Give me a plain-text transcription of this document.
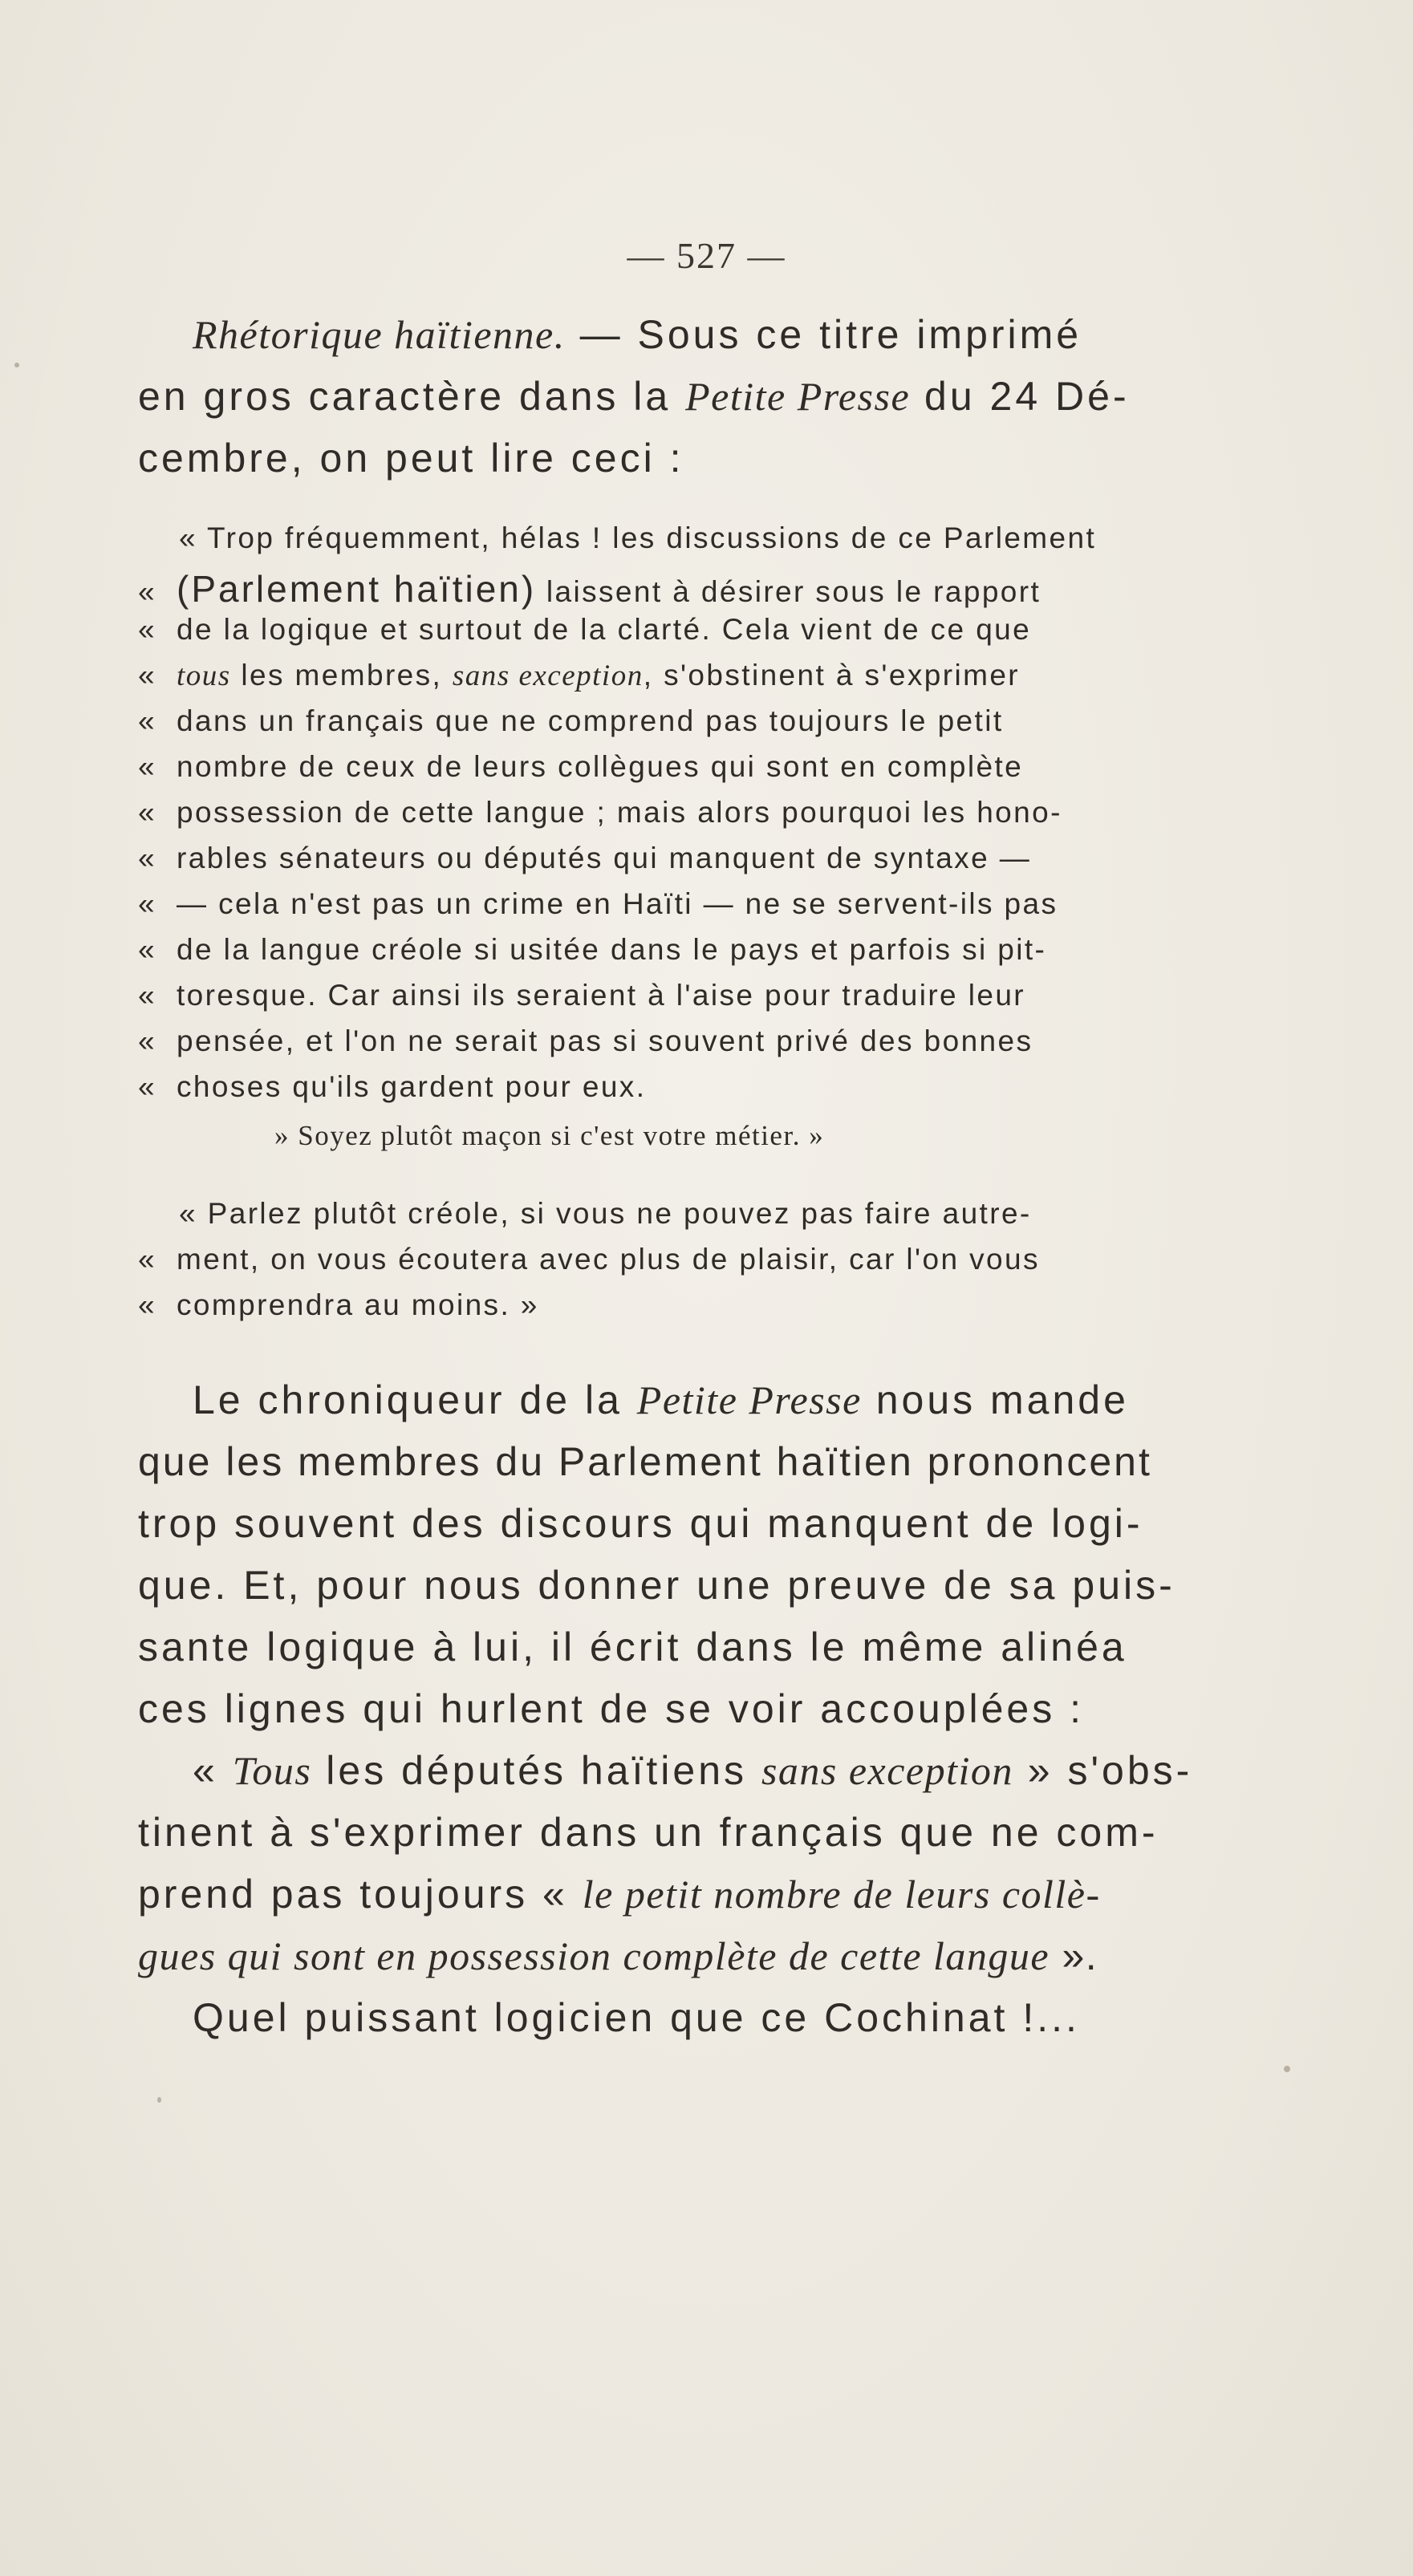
— 527 —
Rhétorique haïtienne. — Sous ce titre imprimé
en gros caractère dans la Petite Presse du 24 Dé-
cembre, on peut lire ceci :
« Trop fréquemment, hélas ! les discussions de ce Parlement
« (Parlement haïtien) laissent à désirer sous le rapport
« de la logique et surtout de la clarté. Cela vient de ce que
« tous les membres, sans exception, s'obstinent à s'exprimer
« dans un français que ne comprend pas toujours le petit
« nombre de ceux de leurs collègues qui sont en complète
« possession de cette langue ; mais alors pourquoi les hono-
« rables sénateurs ou députés qui manquent de syntaxe —
« — cela n'est pas un crime en Haïti — ne se servent-ils pas
« de la langue créole si usitée dans le pays et parfois si pit-
« toresque. Car ainsi ils seraient à l'aise pour traduire leur
« pensée, et l'on ne serait pas si souvent privé des bonnes
« choses qu'ils gardent pour eux.
» Soyez plutôt maçon si c'est votre métier. »
« Parlez plutôt créole, si vous ne pouvez pas faire autre-
« ment, on vous écoutera avec plus de plaisir, car l'on vous
« comprendra au moins. »
Le chroniqueur de la Petite Presse nous mande
que les membres du Parlement haïtien prononcent
trop souvent des discours qui manquent de logi-
que. Et, pour nous donner une preuve de sa puis-
sante logique à lui, il écrit dans le même alinéa
ces lignes qui hurlent de se voir accouplées :
« Tous les députés haïtiens sans exception » s'obs-
tinent à s'exprimer dans un français que ne com-
prend pas toujours « le petit nombre de leurs collè-
gues qui sont en possession complète de cette langue ».
Quel puissant logicien que ce Cochinat !...
